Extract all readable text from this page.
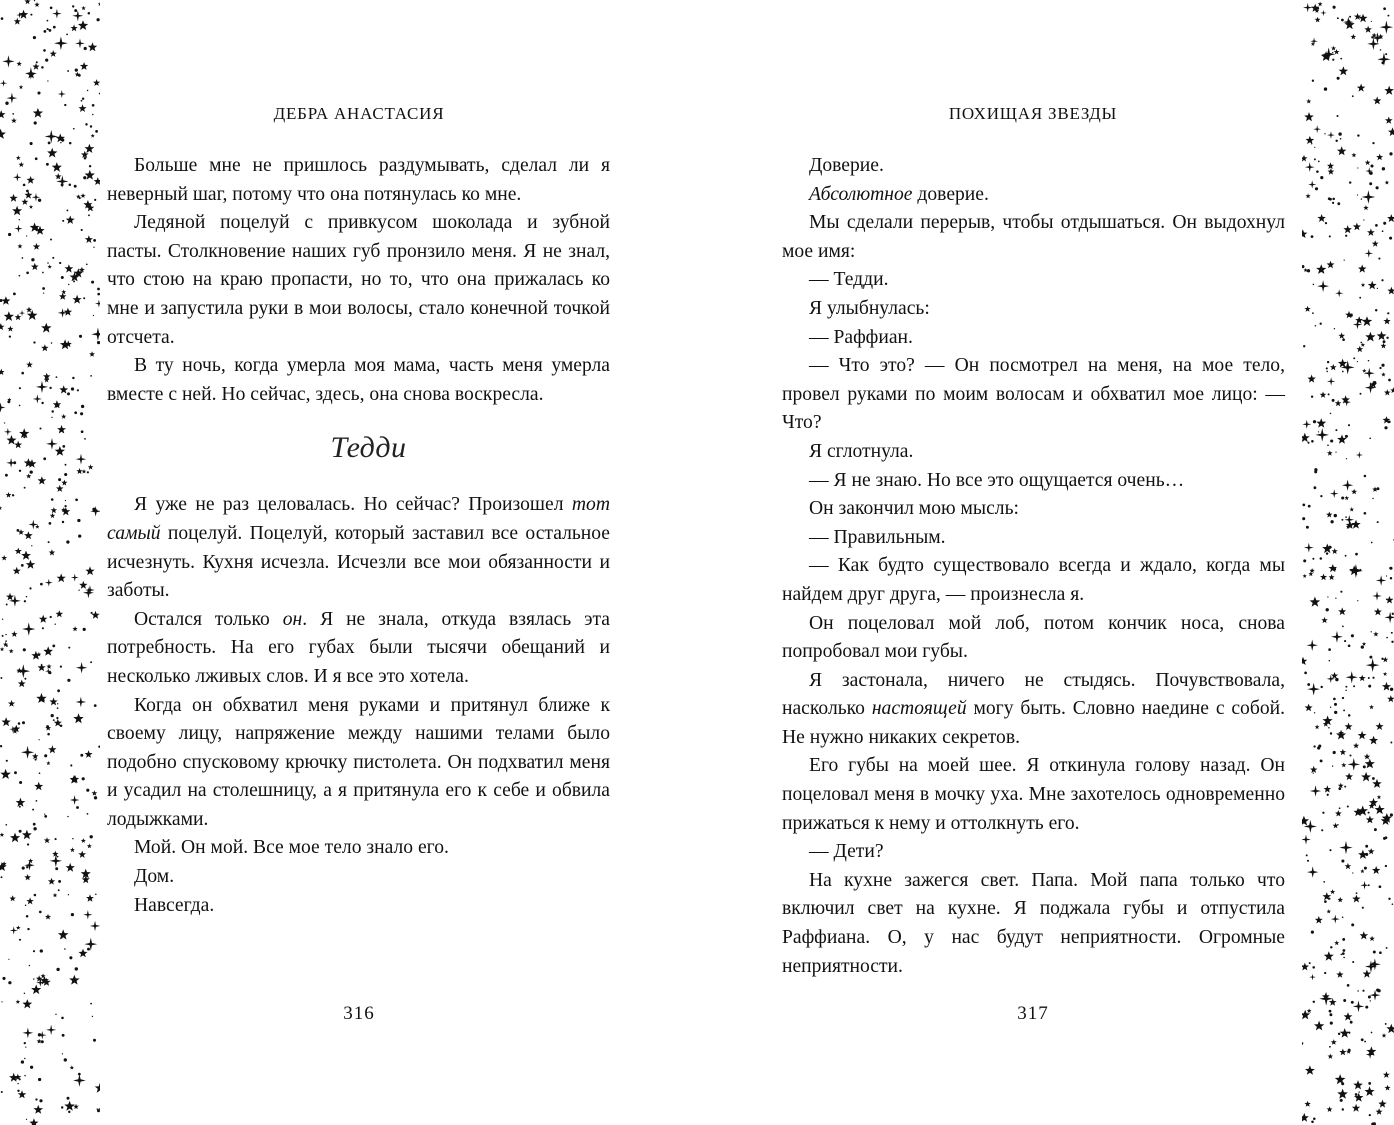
ДЕБРА АНАСТАСИЯ

Больше мне не пришлось раздумывать, сделал ли я неверный шаг, потому что она потянулась ко мне.

Ледяной поцелуй с привкусом шоколада и зубной пасты. Столкновение наших губ пронзило меня. Я не знал, что стою на краю пропасти, но то, что она прижалась ко мне и запустила руки в мои волосы, стало конечной точкой отсчета.

В ту ночь, когда умерла моя мама, часть меня умерла вместе с ней. Но сейчас, здесь, она снова воскресла.

Тедди

Я уже не раз целовалась. Но сейчас? Произошел тот самый поцелуй. Поцелуй, который заставил все остальное исчезнуть. Кухня исчезла. Исчезли все мои обязанности и заботы.

Остался только он. Я не знала, откуда взялась эта потребность. На его губах были тысячи обещаний и несколько лживых слов. И я все это хотела.

Когда он обхватил меня руками и притянул ближе к своему лицу, напряжение между нашими телами было подобно спусковому крючку пистолета. Он подхватил меня и усадил на столешницу, а я притянула его к себе и обвила лодыжками.

Мой. Он мой. Все мое тело знало его.

Дом.

Навсегда.

316
ПОХИЩАЯ ЗВЕЗДЫ

Доверие.

Абсолютное доверие.

Мы сделали перерыв, чтобы отдышаться. Он выдохнул мое имя:

— Тедди.

Я улыбнулась:

— Раффиан.

— Что это? — Он посмотрел на меня, на мое тело, провел руками по моим волосам и обхватил мое лицо: — Что?

Я сглотнула.

— Я не знаю. Но все это ощущается очень…

Он закончил мою мысль:

— Правильным.

— Как будто существовало всегда и ждало, когда мы найдем друг друга, — произнесла я.

Он поцеловал мой лоб, потом кончик носа, снова попробовал мои губы.

Я застонала, ничего не стыдясь. Почувствовала, насколько настоящей могу быть. Словно наедине с собой. Не нужно никаких секретов.

Его губы на моей шее. Я откинула голову назад. Он поцеловал меня в мочку уха. Мне захотелось одновременно прижаться к нему и оттолкнуть его.

— Дети?

На кухне зажегся свет. Папа. Мой папа только что включил свет на кухне. Я поджала губы и отпустила Раффиана. О, у нас будут неприятности. Огромные неприятности.

317
